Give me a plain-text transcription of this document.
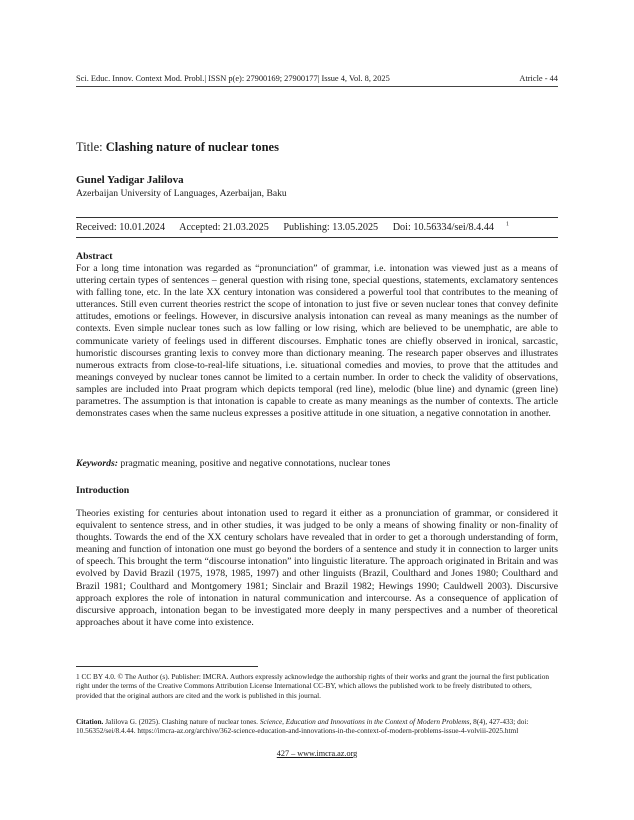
Sci. Educ. Innov. Context Mod. Probl.| ISSN p(e): 27900169; 27900177| Issue 4, Vol. 8, 2025	Atricle - 44
Title: Clashing nature of nuclear tones
Gunel Yadigar Jalilova
Azerbaijan University of Languages, Azerbaijan, Baku
Received: 10.01.2024 Accepted: 21.03.2025 Publishing: 13.05.2025 Doi: 10.56334/sei/8.4.44 $^1$
Abstract
For a long time intonation was regarded as “pronunciation” of grammar, i.e. intonation was viewed just as a means of uttering certain types of sentences – general question with rising tone, special questions, statements, exclamatory sentences with falling tone, etc. In the late XX century intonation was considered a powerful tool that contributes to the meaning of utterances. Still even current theories restrict the scope of intonation to just five or seven nuclear tones that convey definite attitudes, emotions or feelings. However, in discursive analysis intonation can reveal as many meanings as the number of contexts. Even simple nuclear tones such as low falling or low rising, which are believed to be unemphatic, are able to communicate variety of feelings used in different discourses. Emphatic tones are chiefly observed in ironical, sarcastic, humoristic discourses granting lexis to convey more than dictionary meaning. The research paper observes and illustrates numerous extracts from close-to-real-life situations, i.e. situational comedies and movies, to prove that the attitudes and meanings conveyed by nuclear tones cannot be limited to a certain number. In order to check the validity of observations, samples are included into Praat program which depicts temporal (red line), melodic (blue line) and dynamic (green line) parametres. The assumption is that intonation is capable to create as many meanings as the number of contexts. The article demonstrates cases when the same nucleus expresses a positive attitude in one situation, a negative connotation in another.
Keywords: pragmatic meaning, positive and negative connotations, nuclear tones
Introduction
Theories existing for centuries about intonation used to regard it either as a pronunciation of grammar, or considered it equivalent to sentence stress, and in other studies, it was judged to be only a means of showing finality or non-finality of thoughts. Towards the end of the XX century scholars have revealed that in order to get a thorough understanding of form, meaning and function of intonation one must go beyond the borders of a sentence and study it in connection to larger units of speech. This brought the term “discourse intonation” into linguistic literature. The approach originated in Britain and was evolved by David Brazil (1975, 1978, 1985, 1997) and other linguists (Brazil, Coulthard and Jones 1980; Coulthard and Brazil 1981; Coulthard and Montgomery 1981; Sinclair and Brazil 1982; Hewings 1990; Cauldwell 2003). Discursive approach explores the role of intonation in natural communication and intercourse. As a consequence of application of discursive approach, intonation began to be investigated more deeply in many perspectives and a number of theoretical approaches about it have come into existence.
1 CC BY 4.0. © The Author (s). Publisher: IMCRA. Authors expressly acknowledge the authorship rights of their works and grant the journal the first publication right under the terms of the Creative Commons Attribution License International CC-BY, which allows the published work to be freely distributed to others, provided that the original authors are cited and the work is published in this journal.
Citation. Jalilova G. (2025). Clashing nature of nuclear tones. Science, Education and Innovations in the Context of Modern Problems, 8(4), 427-433; doi: 10.56352/sei/8.4.44. https://imcra-az.org/archive/362-science-education-and-innovations-in-the-context-of-modern-problems-issue-4-volviii-2025.html
427 – www.imcra.az.org
